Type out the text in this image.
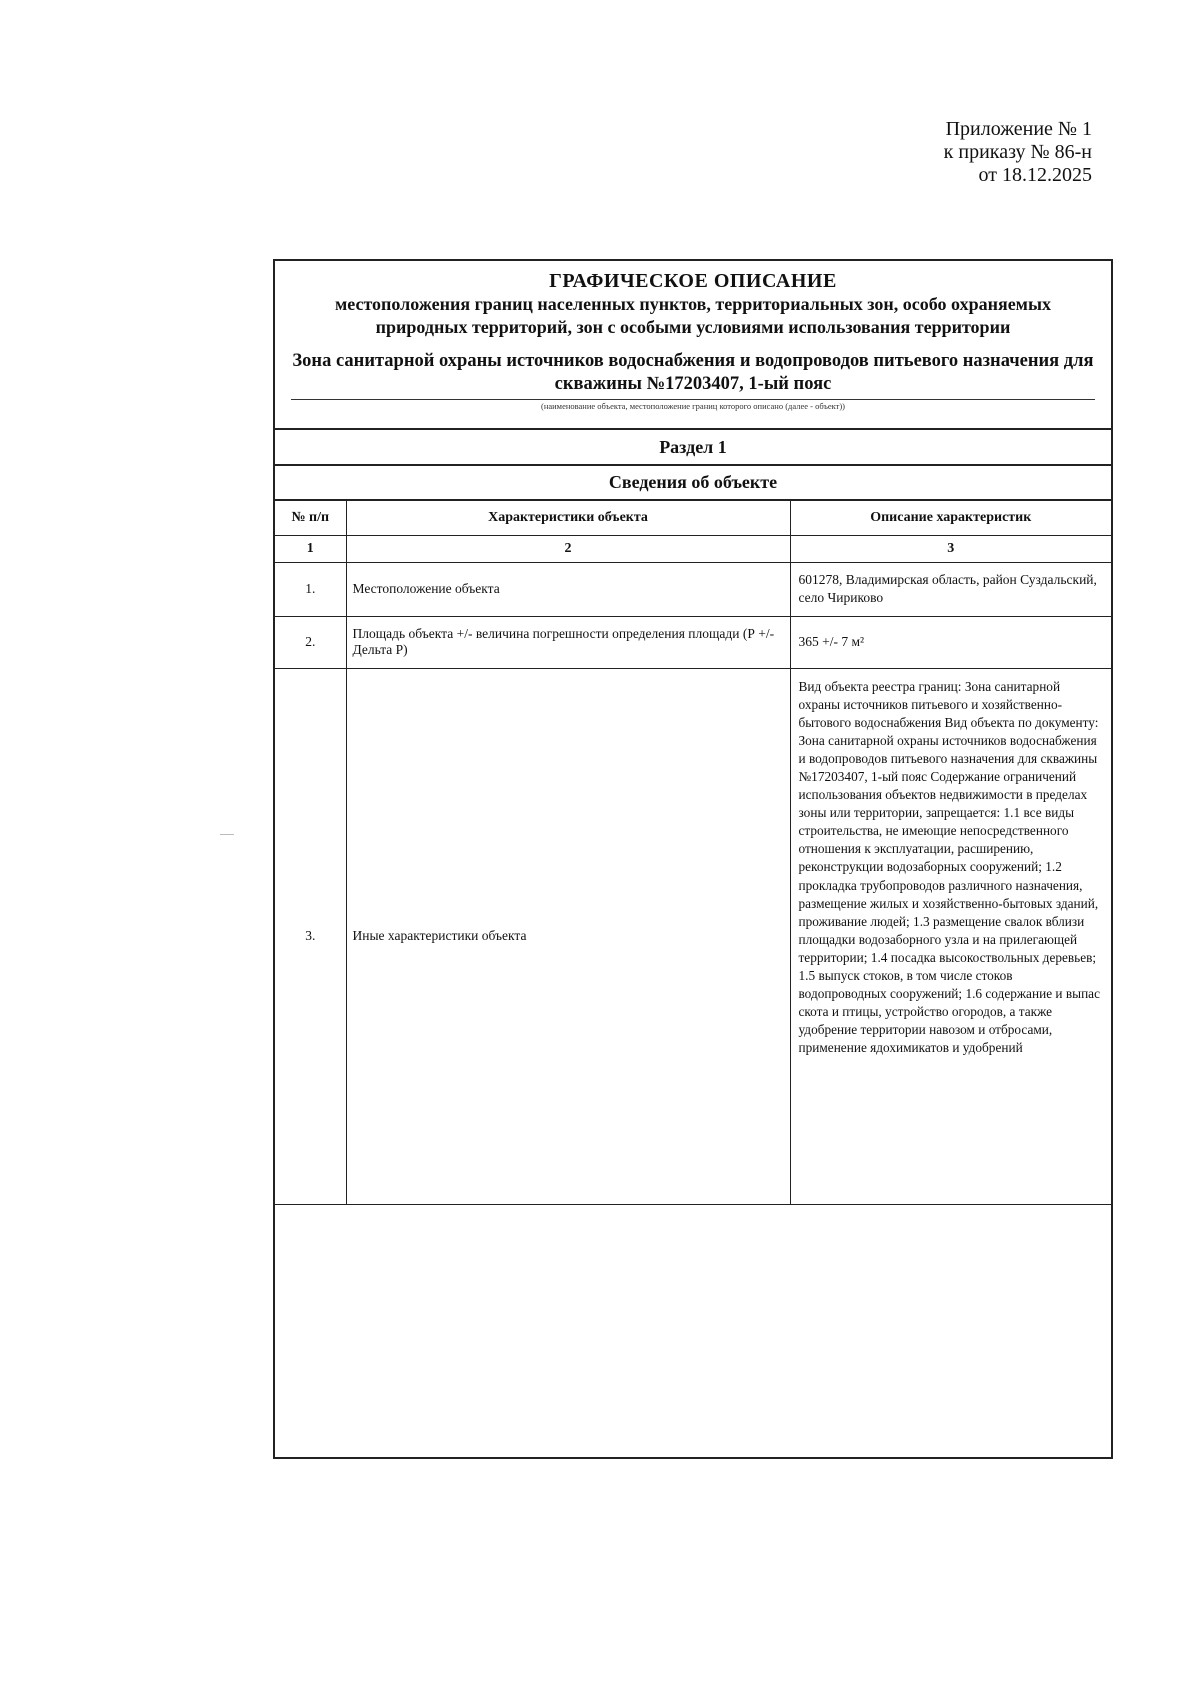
Приложение № 1
к приказу № 86-н
от 18.12.2025
ГРАФИЧЕСКОЕ ОПИСАНИЕ
местоположения границ населенных пунктов, территориальных зон, особо охраняемых природных территорий, зон с особыми условиями использования территории
Зона санитарной охраны источников водоснабжения и водопроводов питьевого назначения для скважины №17203407, 1-ый пояс
(наименование объекта, местоположение границ которого описано (далее - объект))
Раздел 1
Сведения об объекте
№ п/п	Характеристики объекта	Описание характеристик
1	2	3
1.	Местоположение объекта	601278, Владимирская область, район Суздальский, село Чириково
2.	Площадь объекта +/- величина погрешности определения площади (Р +/- Дельта Р)	365 +/- 7 м²
3.	Иные характеристики объекта	Вид объекта реестра границ: Зона санитарной охраны источников питьевого и хозяйственно-бытового водоснабжения Вид объекта по документу: Зона санитарной охраны источников водоснабжения и водопроводов питьевого назначения для скважины №17203407, 1-ый пояс Содержание ограничений использования объектов недвижимости в пределах зоны или территории, запрещается: 1.1 все виды строительства, не имеющие непосредственного отношения к эксплуатации, расширению, реконструкции водозаборных сооружений; 1.2 прокладка трубопроводов различного назначения, размещение жилых и хозяйственно-бытовых зданий, проживание людей; 1.3 размещение свалок вблизи площадки водозаборного узла и на прилегающей территории; 1.4 посадка высокоствольных деревьев; 1.5 выпуск стоков, в том числе стоков водопроводных сооружений; 1.6 содержание и выпас скота и птицы, устройство огородов, а также удобрение территории навозом и отбросами, применение ядохимикатов и удобрений
